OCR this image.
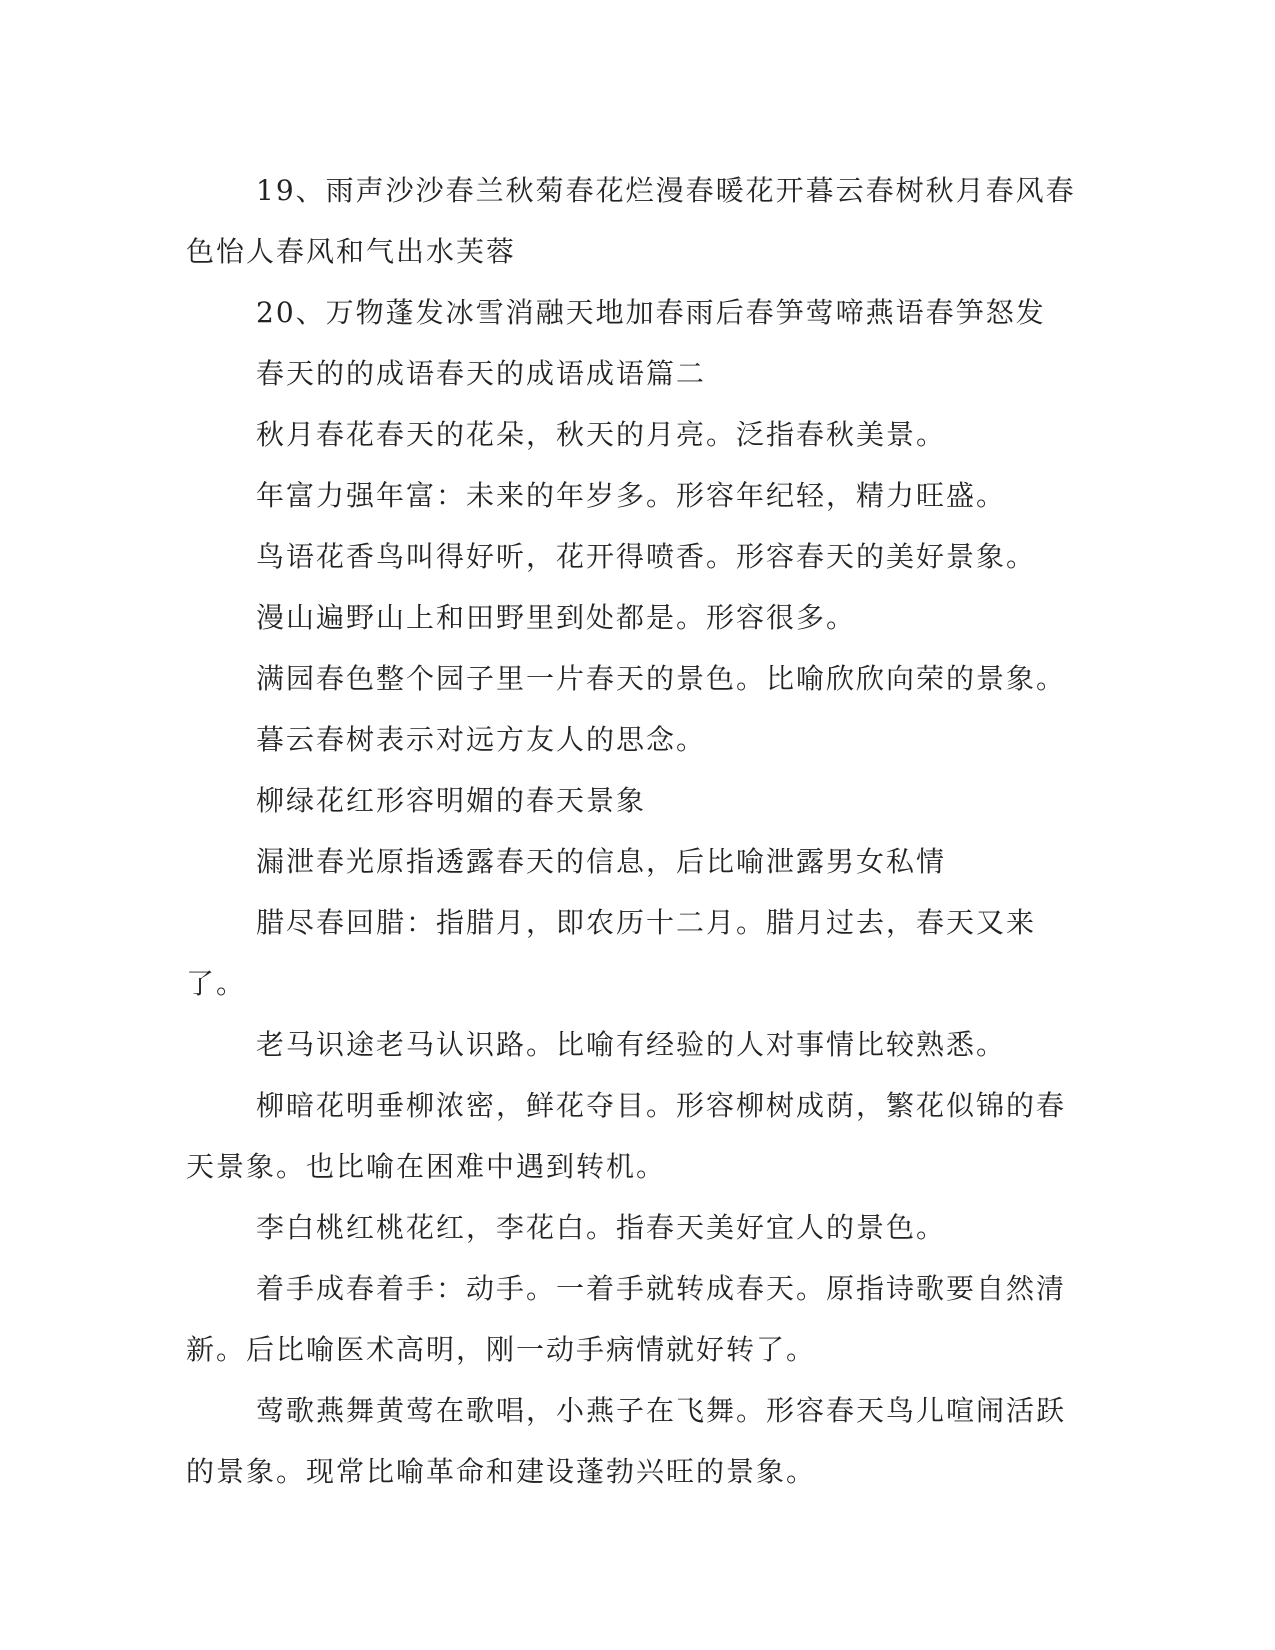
19、雨声沙沙春兰秋菊春花烂漫春暖花开暮云春树秋月春风春色怡人春风和气出水芙蓉

20、万物蓬发冰雪消融天地加春雨后春笋莺啼燕语春笋怒发

春天的的成语春天的成语成语篇二

秋月春花春天的花朵，秋天的月亮。泛指春秋美景。

年富力强年富：未来的年岁多。形容年纪轻，精力旺盛。

鸟语花香鸟叫得好听，花开得喷香。形容春天的美好景象。

漫山遍野山上和田野里到处都是。形容很多。

满园春色整个园子里一片春天的景色。比喻欣欣向荣的景象。

暮云春树表示对远方友人的思念。

柳绿花红形容明媚的春天景象

漏泄春光原指透露春天的信息，后比喻泄露男女私情

腊尽春回腊：指腊月，即农历十二月。腊月过去，春天又来了。

老马识途老马认识路。比喻有经验的人对事情比较熟悉。

柳暗花明垂柳浓密，鲜花夺目。形容柳树成荫，繁花似锦的春天景象。也比喻在困难中遇到转机。

李白桃红桃花红，李花白。指春天美好宜人的景色。

着手成春着手：动手。一着手就转成春天。原指诗歌要自然清新。后比喻医术高明，刚一动手病情就好转了。

莺歌燕舞黄莺在歌唱，小燕子在飞舞。形容春天鸟儿喧闹活跃的景象。现常比喻革命和建设蓬勃兴旺的景象。
